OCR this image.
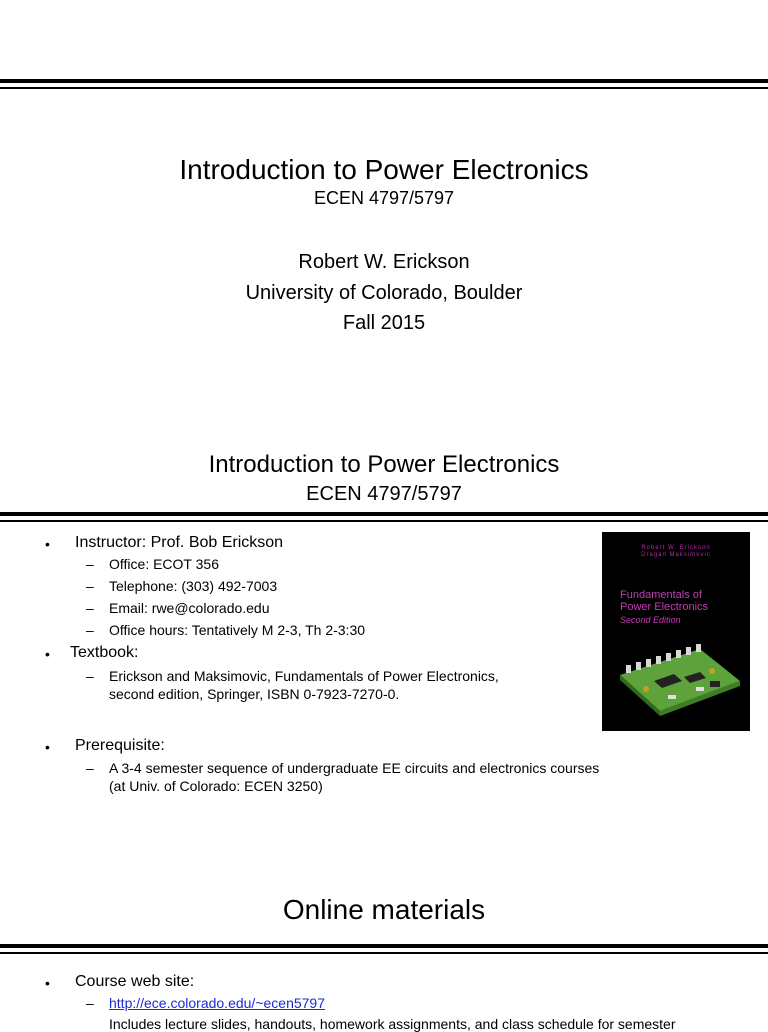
Introduction to Power Electronics
ECEN 4797/5797
Robert W. Erickson
University of Colorado, Boulder
Fall 2015
Introduction to Power Electronics
ECEN 4797/5797
• Instructor: Prof. Bob Erickson
– Office: ECOT 356
– Telephone: (303) 492-7003
– Email: rwe@colorado.edu
– Office hours: Tentatively M 2-3, Th 2-3:30
• Textbook:
– Erickson and Maksimovic, Fundamentals of Power Electronics,
second edition, Springer, ISBN 0-7923-7270-0.
• Prerequisite:
– A 3-4 semester sequence of undergraduate EE circuits and electronics courses
(at Univ. of Colorado: ECEN 3250)
Robert W. Erickson
Dragan Maksimovic
Fundamentals of
Power Electronics
Second Edition
Online materials
• Course web site:
– http://ece.colorado.edu/~ecen5797
Includes lecture slides, handouts, homework assignments, and class schedule for semester
